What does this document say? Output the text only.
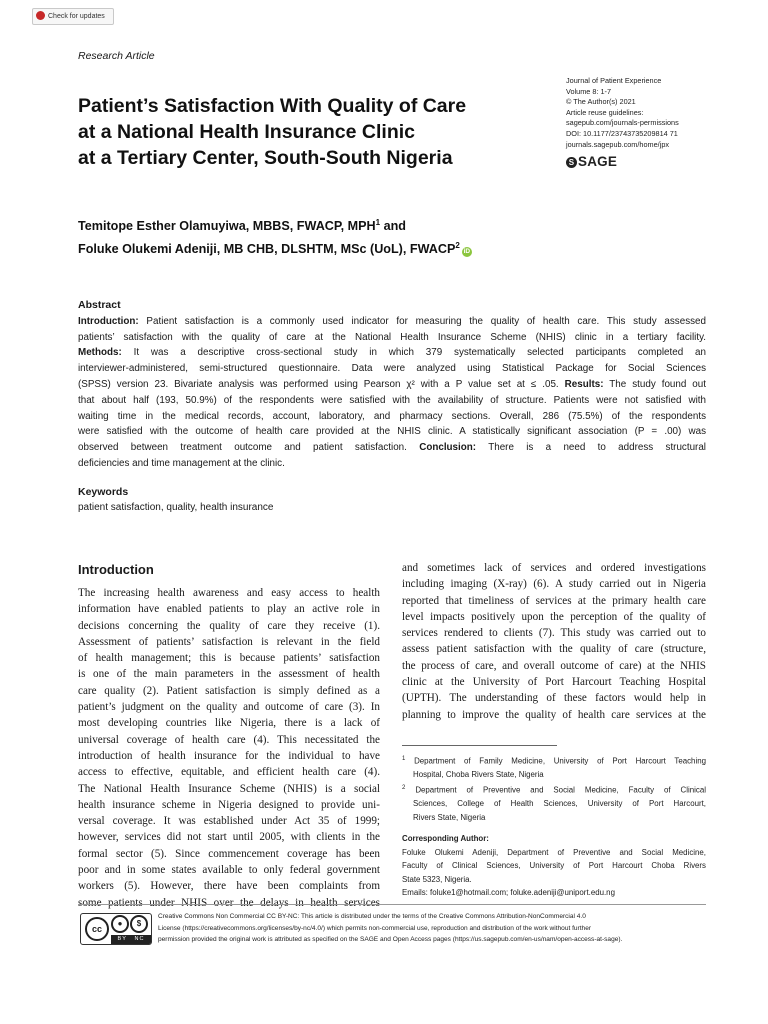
Check for updates
Research Article
Patient’s Satisfaction With Quality of Care
at a National Health Insurance Clinic
at a Tertiary Center, South-South Nigeria
Journal of Patient Experience
Volume 8: 1-7
© The Author(s) 2021
Article reuse guidelines:
sagepub.com/journals-permissions
DOI: 10.1177/23743735209814 71
journals.sagepub.com/home/jpx
S SAGE
Temitope Esther Olamuyiwa, MBBS, FWACP, MPH$^1$ and
Foluke Olukemi Adeniji, MB CHB, DLSHTM, MSc (UoL), FWACP$^2$iD
Abstract
Introduction: Patient satisfaction is a commonly used indicator for measuring the quality of health care. This study assessed
patients’ satisfaction with the quality of care at the National Health Insurance Scheme (NHIS) clinic in a tertiary facility.
Methods: It was a descriptive cross-sectional study in which 379 systematically selected participants completed an
interviewer-administered, semi-structured questionnaire. Data were analyzed using Statistical Package for Social Sciences
(SPSS) version 23. Bivariate analysis was performed using Pearson χ² with a P value set at ≤ .05. Results: The study found out
that about half (193, 50.9%) of the respondents were satisfied with the availability of structure. Patients were not satisfied with
waiting time in the medical records, account, laboratory, and pharmacy sections. Overall, 286 (75.5%) of the respondents
were satisfied with the outcome of health care provided at the NHIS clinic. A statistically significant association (P = .00) was
observed between treatment outcome and patient satisfaction. Conclusion: There is a need to address structural
deficiencies and time management at the clinic.
Keywords
patient satisfaction, quality, health insurance
Introduction
The increasing health awareness and easy access to health
information have enabled patients to play an active role in
decisions concerning the quality of care they receive (1).
Assessment of patients’ satisfaction is relevant in the field
of health management; this is because patients’ satisfaction
is one of the main parameters in the assessment of health
care quality (2). Patient satisfaction is simply defined as a
patient’s judgment on the quality and outcome of care (3). In
most developing countries like Nigeria, there is a lack of
universal coverage of health care (4). This necessitated the
introduction of health insurance for the individual to have
access to effective, equitable, and efficient health care (4).
The National Health Insurance Scheme (NHIS) is a social
health insurance scheme in Nigeria designed to provide uni-
versal coverage. It was established under Act 35 of 1999;
however, services did not start until 2005, with clients in the
formal sector (5). Since commencement coverage has been
poor and in some states available to only federal government
workers (5). However, there have been complaints from
some patients under NHIS over the delays in health services
and sometimes lack of services and ordered investigations
including imaging (X-ray) (6). A study carried out in Nigeria
reported that timeliness of services at the primary health care
level impacts positively upon the perception of the quality of
services rendered to clients (7). This study was carried out to
assess patient satisfaction with the quality of care (structure,
the process of care, and overall outcome of care) at the NHIS
clinic at the University of Port Harcourt Teaching Hospital
(UPTH). The understanding of these factors would help in
planning to improve the quality of health care services at the
$^1$ Department of Family Medicine, University of Port Harcourt Teaching
Hospital, Choba Rivers State, Nigeria
$^2$ Department of Preventive and Social Medicine, Faculty of Clinical
Sciences, College of Health Sciences, University of Port Harcourt,
Rivers State, Nigeria
Corresponding Author:
Foluke Olukemi Adeniji, Department of Preventive and Social Medicine,
Faculty of Clinical Sciences, University of Port Harcourt Choba Rivers
State 5323, Nigeria.
Emails: foluke1@hotmail.com; foluke.adeniji@uniport.edu.ng
cc
●	$
BY NC
Creative Commons Non Commercial CC BY-NC: This article is distributed under the terms of the Creative Commons Attribution-NonCommercial 4.0
License (https://creativecommons.org/licenses/by-nc/4.0/) which permits non-commercial use, reproduction and distribution of the work without further
permission provided the original work is attributed as specified on the SAGE and Open Access pages (https://us.sagepub.com/en-us/nam/open-access-at-sage).
